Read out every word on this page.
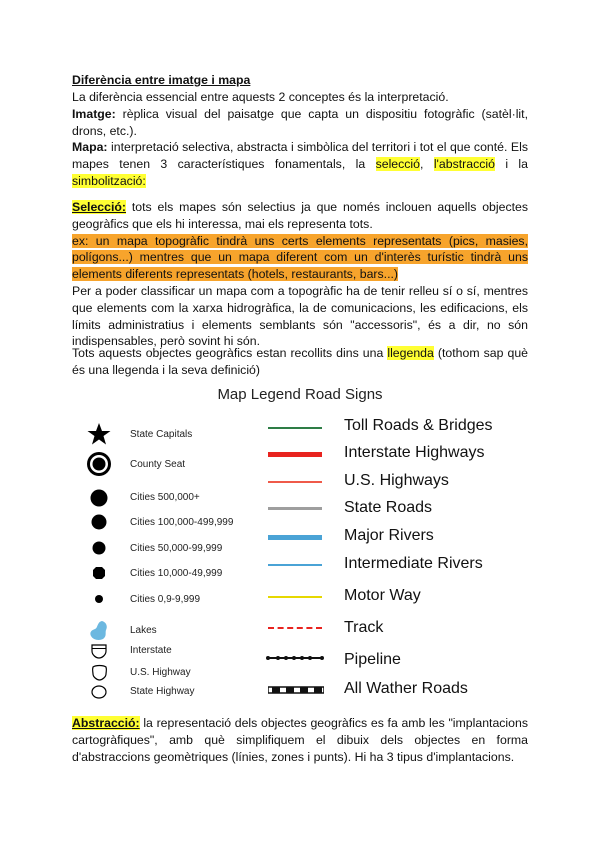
Diferència entre imatge i mapa
La diferència essencial entre aquests 2 conceptes és la interpretació.
Imatge: rèplica visual del paisatge que capta un dispositiu fotogràfic (satèl·lit, drons, etc.).
Mapa: interpretació selectiva, abstracta i simbòlica del territori i tot el que conté. Els mapes tenen 3 característiques fonamentals, la selecció, l'abstracció i la simbolització:
Selecció: tots els mapes són selectius ja que només inclouen aquells objectes geogràfics que els hi interessa, mai els representa tots.
ex: un mapa topogràfic tindrà uns certs elements representats (pics, masies, polígons...) mentres que un mapa diferent com un d'interès turístic tindrà uns elements diferents representats (hotels, restaurants, bars...)
Per a poder classificar un mapa com a topogràfic ha de tenir relleu sí o sí, mentres que elements com la xarxa hidrogràfica, la de comunicacions, les edificacions, els límits administratius i elements semblants són "accessoris", és a dir, no són indispensables, però sovint hi són.
Tots aquests objectes geogràfics estan recollits dins una llegenda (tothom sap què és una llegenda i la seva definició)
Map Legend Road Signs
State Capitals
County Seat
Cities 500,000+
Cities 100,000-499,999
Cities 50,000-99,999
Cities 10,000-49,999
Cities 0,9-9,999
Lakes
Interstate
U.S. Highway
State Highway
Toll Roads & Bridges
Interstate Highways
U.S. Highways
State Roads
Major Rivers
Intermediate Rivers
Motor Way
Track
Pipeline
All Wather Roads
Abstracció: la representació dels objectes geogràfics es fa amb les "implantacions cartogràfiques", amb què simplifiquem el dibuix dels objectes en forma d'abstraccions geomètriques (línies, zones i punts). Hi ha 3 tipus d'implantacions.
